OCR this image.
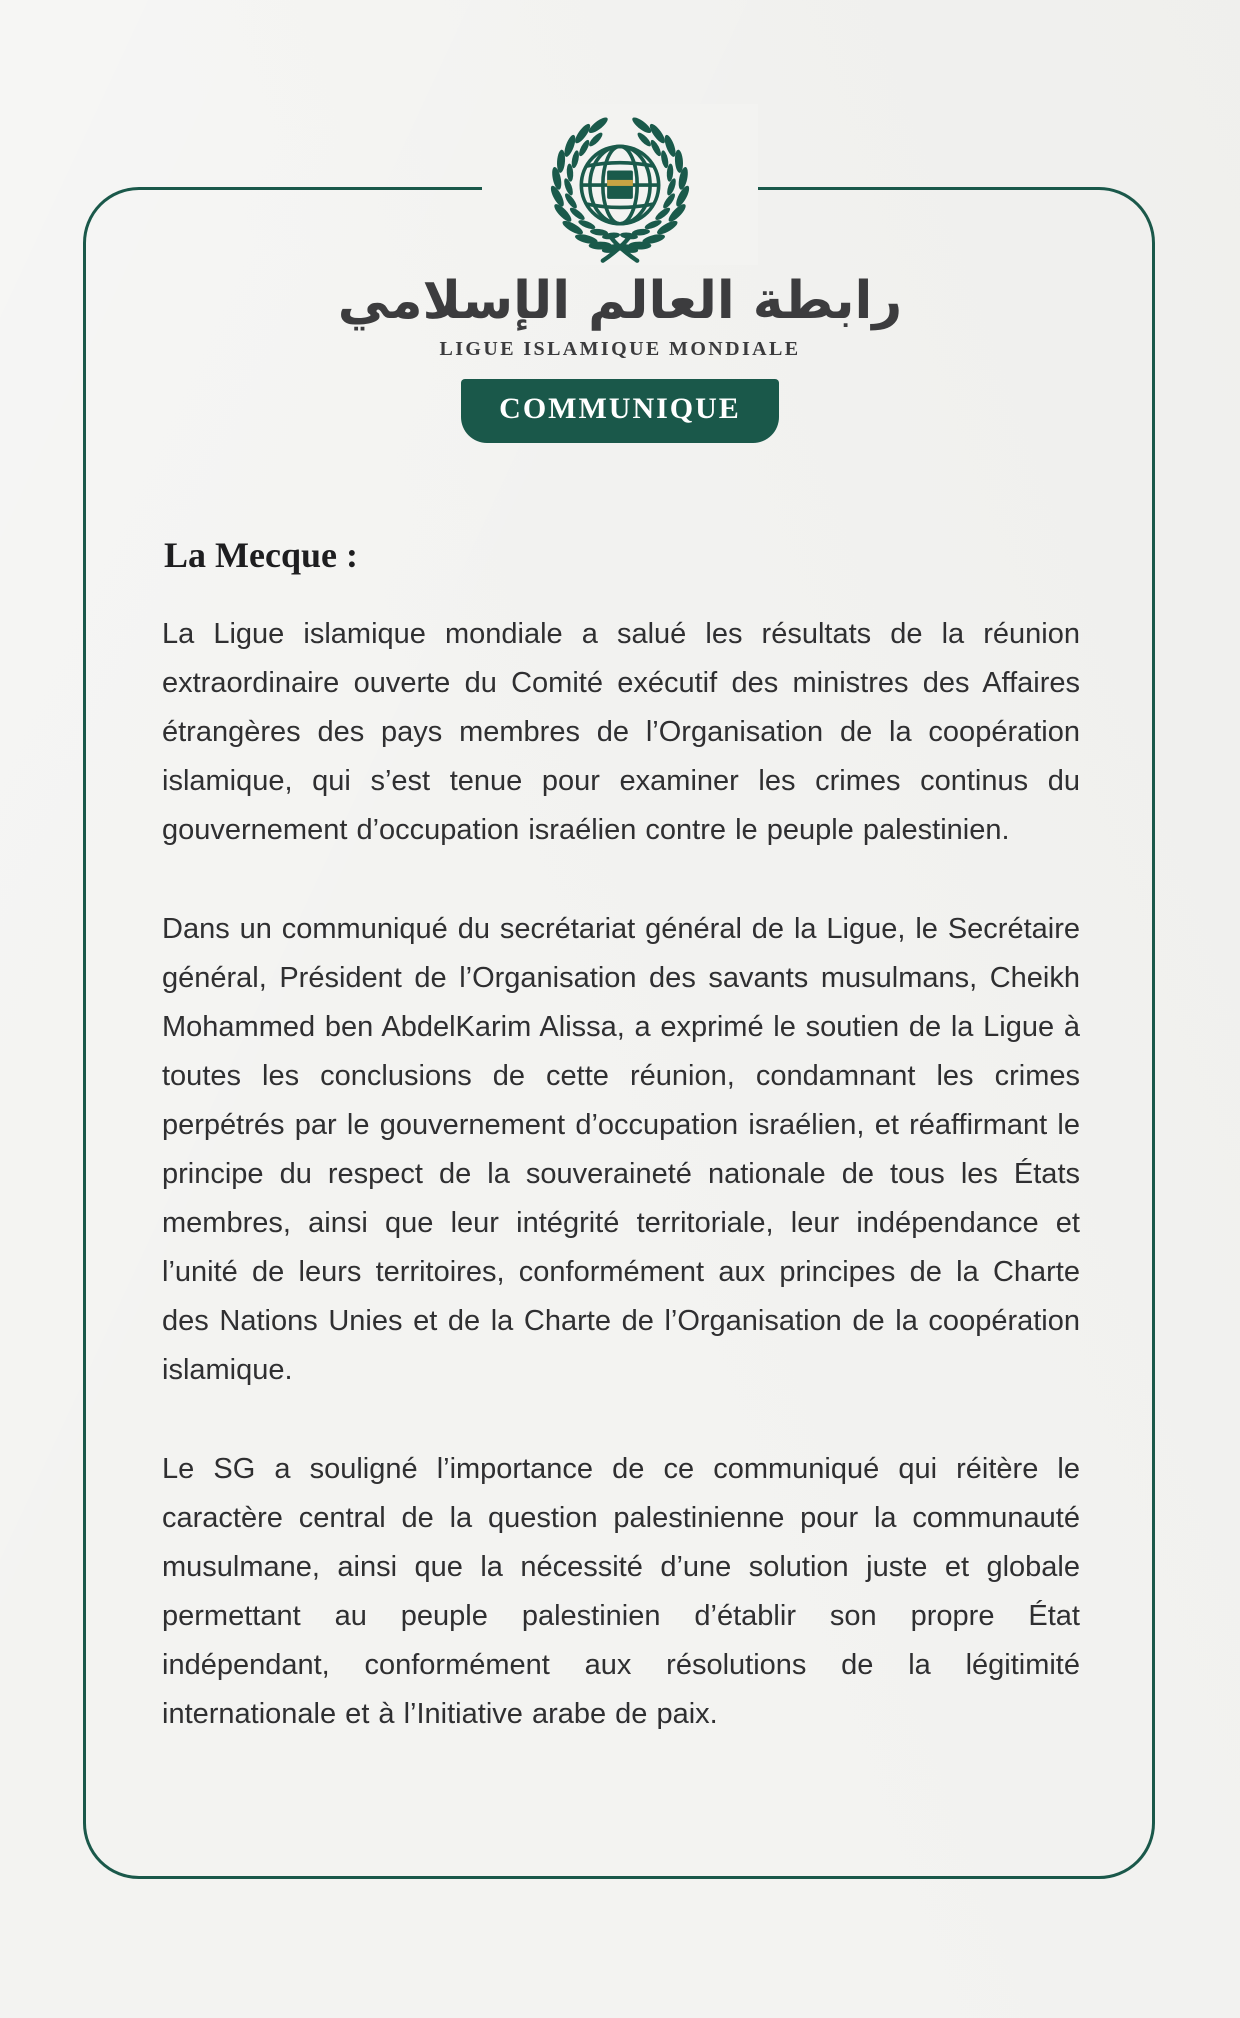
رابطة العالم الإسلامي
LIGUE ISLAMIQUE MONDIALE
COMMUNIQUE
La Mecque :

La Ligue islamique mondiale a salué les résultats de la réunion extraordinaire ouverte du Comité exécutif des ministres des Affaires étrangères des pays membres de l’Organisation de la coopération islamique, qui s’est tenue pour examiner les crimes continus du gouvernement d’occupation israélien contre le peuple palestinien.

Dans un communiqué du secrétariat général de la Ligue, le Secrétaire général, Président de l’Organisation des savants musulmans, Cheikh Mohammed ben AbdelKarim Alissa, a exprimé le soutien de la Ligue à toutes les conclusions de cette réunion, condamnant les crimes perpétrés par le gouvernement d’occupation israélien, et réaffirmant le principe du respect de la souveraineté nationale de tous les États membres, ainsi que leur intégrité territoriale, leur indépendance et l’unité de leurs territoires, conformément aux principes de la Charte des Nations Unies et de la Charte de l’Organisation de la coopération islamique.

Le SG a souligné l’importance de ce communiqué qui réitère le caractère central de la question palestinienne pour la communauté musulmane, ainsi que la nécessité d’une solution juste et globale permettant au peuple palestinien d’établir son propre État indépendant, conformément aux résolutions de la légitimité internationale et à l’Initiative arabe de paix.
